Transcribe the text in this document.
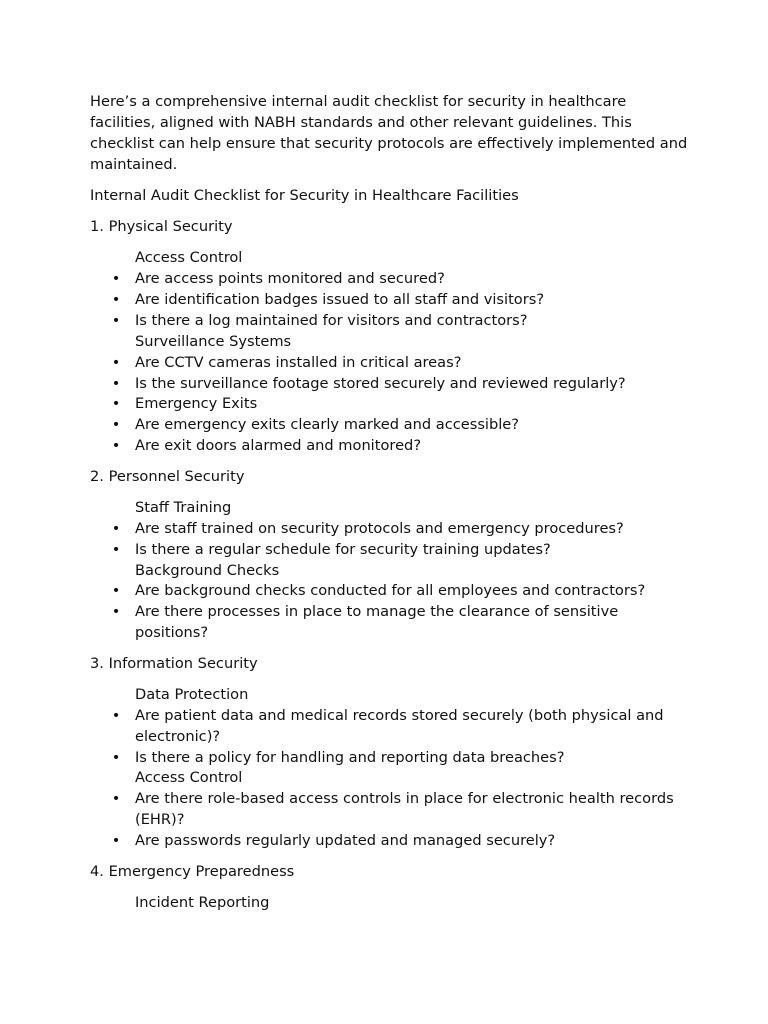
Here’s a comprehensive internal audit checklist for security in healthcare facilities, aligned with NABH standards and other relevant guidelines. This checklist can help ensure that security protocols are effectively implemented and maintained.

Internal Audit Checklist for Security in Healthcare Facilities

1. Physical Security

Access Control

• Are access points monitored and secured?
• Are identification badges issued to all staff and visitors?
• Is there a log maintained for visitors and contractors?

Surveillance Systems

• Are CCTV cameras installed in critical areas?
• Is the surveillance footage stored securely and reviewed regularly?
• Emergency Exits
• Are emergency exits clearly marked and accessible?
• Are exit doors alarmed and monitored?

2. Personnel Security

Staff Training

• Are staff trained on security protocols and emergency procedures?
• Is there a regular schedule for security training updates?

Background Checks

• Are background checks conducted for all employees and contractors?
• Are there processes in place to manage the clearance of sensitive positions?

3. Information Security

Data Protection

• Are patient data and medical records stored securely (both physical and electronic)?
• Is there a policy for handling and reporting data breaches?

Access Control

• Are there role-based access controls in place for electronic health records (EHR)?
• Are passwords regularly updated and managed securely?

4. Emergency Preparedness

Incident Reporting
